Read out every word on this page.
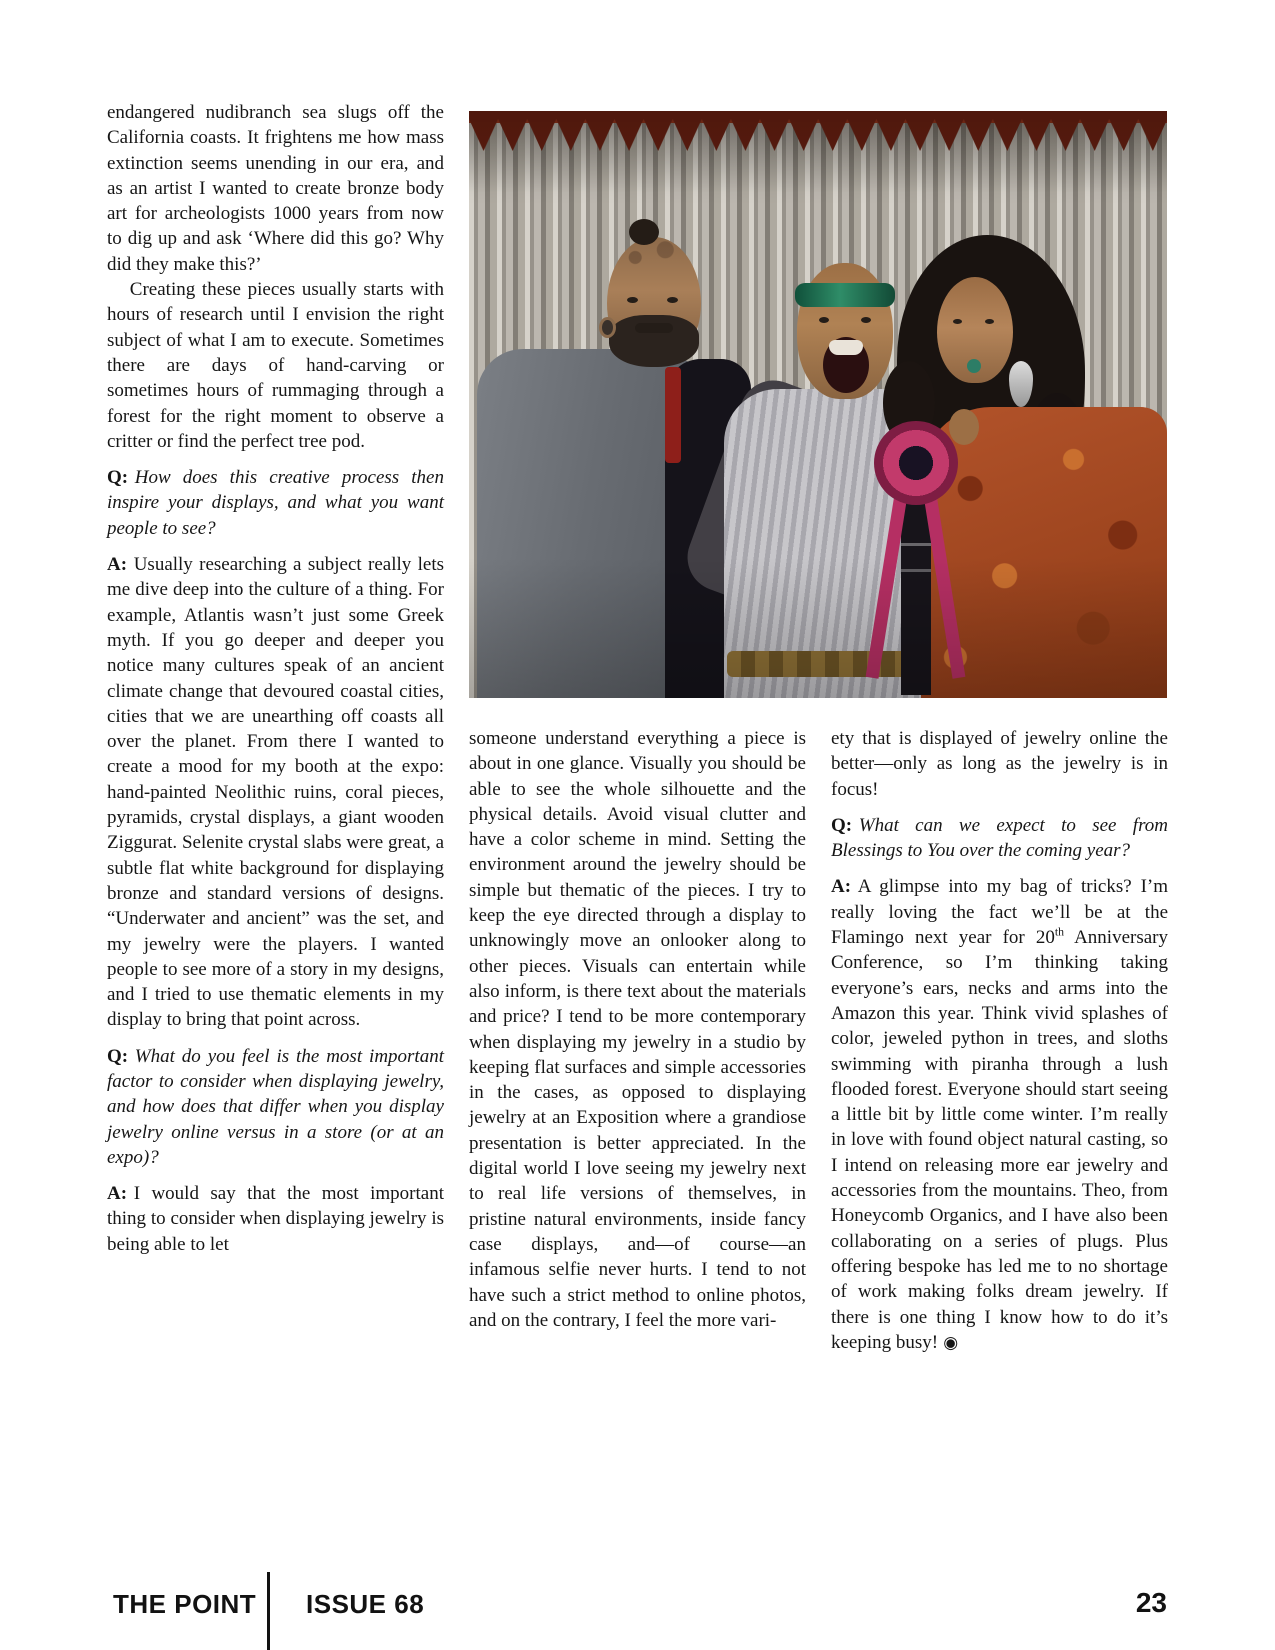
endangered nudibranch sea slugs off the California coasts. It frightens me how mass extinction seems unending in our era, and as an artist I wanted to create bronze body art for archeologists 1000 years from now to dig up and ask ‘Where did this go? Why did they make this?’

Creating these pieces usually starts with hours of research until I envision the right subject of what I am to execute. Sometimes there are days of hand-carving or sometimes hours of rummaging through a forest for the right moment to observe a critter or find the perfect tree pod.

Q: How does this creative process then inspire your displays, and what you want people to see?

A: Usually researching a subject really lets me dive deep into the culture of a thing. For example, Atlantis wasn’t just some Greek myth. If you go deeper and deeper you notice many cultures speak of an ancient climate change that devoured coastal cities, cities that we are unearthing off coasts all over the planet. From there I wanted to create a mood for my booth at the expo: hand-painted Neolithic ruins, coral pieces, pyramids, crystal displays, a giant wooden Ziggurat. Selenite crystal slabs were great, a subtle flat white background for displaying bronze and standard versions of designs. “Underwater and ancient” was the set, and my jewelry were the players. I wanted people to see more of a story in my designs, and I tried to use thematic elements in my display to bring that point across.

Q: What do you feel is the most important factor to consider when displaying jewelry, and how does that differ when you display jewelry online versus in a store (or at an expo)?

A: I would say that the most important thing to consider when displaying jewelry is being able to let

someone understand everything a piece is about in one glance. Visually you should be able to see the whole silhouette and the physical details. Avoid visual clutter and have a color scheme in mind. Setting the environment around the jewelry should be simple but thematic of the pieces. I try to keep the eye directed through a display to unknowingly move an onlooker along to other pieces. Visuals can entertain while also inform, is there text about the materials and price? I tend to be more contemporary when displaying my jewelry in a studio by keeping flat surfaces and simple accessories in the cases, as opposed to displaying jewelry at an Exposition where a grandiose presentation is better appreciated. In the digital world I love seeing my jewelry next to real life versions of themselves, in pristine natural environments, inside fancy case displays, and—of course—an infamous selfie never hurts. I tend to not have such a strict method to online photos, and on the contrary, I feel the more vari-

ety that is displayed of jewelry online the better—only as long as the jewelry is in focus!

Q: What can we expect to see from Blessings to You over the coming year?

A: A glimpse into my bag of tricks? I’m really loving the fact we’ll be at the Flamingo next year for 20th Anniversary Conference, so I’m thinking taking everyone’s ears, necks and arms into the Amazon this year. Think vivid splashes of color, jeweled python in trees, and sloths swimming with piranha through a lush flooded forest. Everyone should start seeing a little bit by little come winter. I’m really in love with found object natural casting, so I intend on releasing more ear jewelry and accessories from the mountains. Theo, from Honeycomb Organics, and I have also been collaborating on a series of plugs. Plus offering bespoke has led me to no shortage of work making folks dream jewelry. If there is one thing I know how to do it’s keeping busy! ◉

THE POINT ISSUE 68	23
